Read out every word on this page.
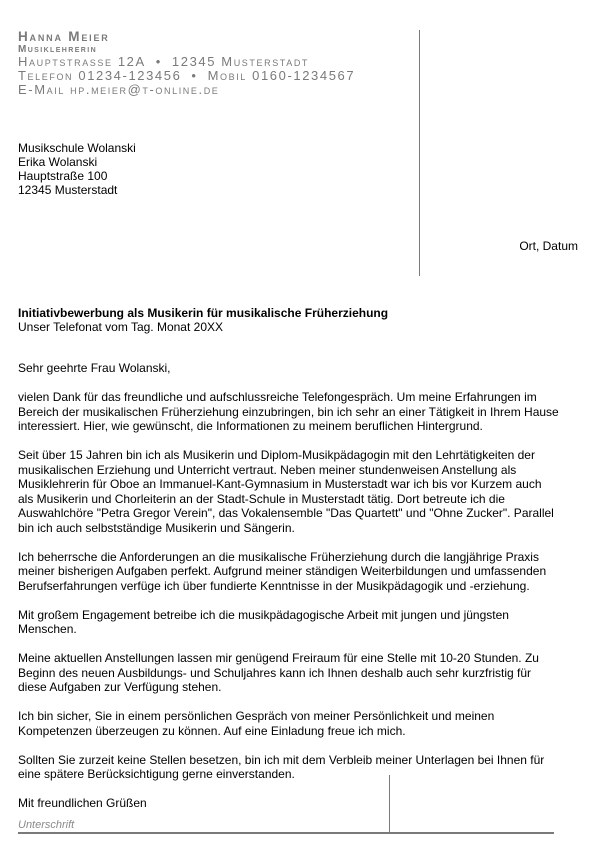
Hanna Meier
Musiklehrerin
Hauptstrasse 12A • 12345 Musterstadt
Telefon 01234-123456 • Mobil 0160-1234567
E-Mail hp.meier@t-online.de
Musikschule Wolanski
Erika Wolanski
Hauptstraße 100
12345 Musterstadt
Ort, Datum
Initiativbewerbung als Musikerin für musikalische Früherziehung
Unser Telefonat vom Tag. Monat 20XX

Sehr geehrte Frau Wolanski,

vielen Dank für das freundliche und aufschlussreiche Telefongespräch. Um meine Erfahrungen im Bereich der musikalischen Früherziehung einzubringen, bin ich sehr an einer Tätigkeit in Ihrem Hause interessiert. Hier, wie gewünscht, die Informationen zu meinem beruflichen Hintergrund.

Seit über 15 Jahren bin ich als Musikerin und Diplom-Musikpädagogin mit den Lehrtätigkeiten der musikalischen Erziehung und Unterricht vertraut. Neben meiner stundenweisen Anstellung als Musiklehrerin für Oboe an Immanuel-Kant-Gymnasium in Musterstadt war ich bis vor Kurzem auch als Musikerin und Chorleiterin an der Stadt-Schule in Musterstadt tätig. Dort betreute ich die Auswahlchöre "Petra Gregor Verein", das Vokalensemble "Das Quartett" und "Ohne Zucker". Parallel bin ich auch selbstständige Musikerin und Sängerin.

Ich beherrsche die Anforderungen an die musikalische Früherziehung durch die langjährige Praxis meiner bisherigen Aufgaben perfekt. Aufgrund meiner ständigen Weiterbildungen und umfassenden Berufserfahrungen verfüge ich über fundierte Kenntnisse in der Musikpädagogik und -erziehung.

Mit großem Engagement betreibe ich die musikpädagogische Arbeit mit jungen und jüngsten Menschen.

Meine aktuellen Anstellungen lassen mir genügend Freiraum für eine Stelle mit 10-20 Stunden. Zu Beginn des neuen Ausbildungs- und Schuljahres kann ich Ihnen deshalb auch sehr kurzfristig für diese Aufgaben zur Verfügung stehen.

Ich bin sicher, Sie in einem persönlichen Gespräch von meiner Persönlichkeit und meinen Kompetenzen überzeugen zu können. Auf eine Einladung freue ich mich.

Sollten Sie zurzeit keine Stellen besetzen, bin ich mit dem Verbleib meiner Unterlagen bei Ihnen für eine spätere Berücksichtigung gerne einverstanden.

Mit freundlichen Grüßen

Unterschrift
